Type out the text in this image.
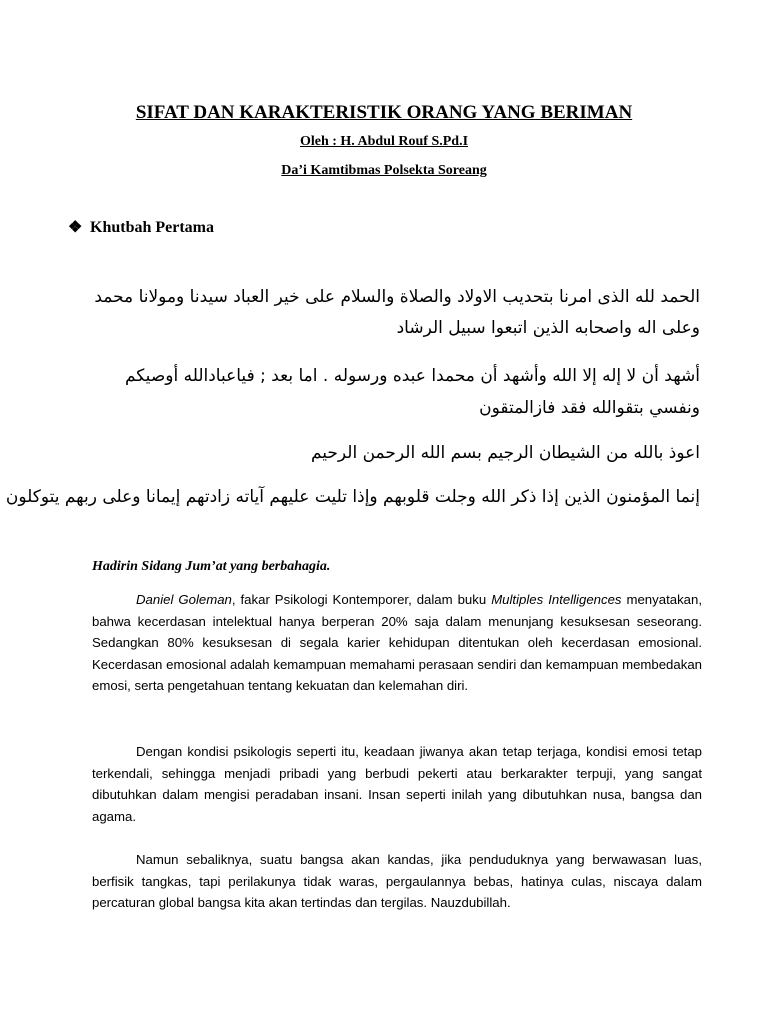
SIFAT DAN KARAKTERISTIK ORANG YANG BERIMAN
Oleh : H. Abdul Rouf S.Pd.I
Da’i Kamtibmas Polsekta Soreang
❖ Khutbah Pertama
الحمد لله الذى امرنا بتحديب الاولاد والصلاة والسلام على خير العباد سيدنا ومولانا محمد
وعلى اله واصحابه الذين اتبعوا سبيل الرشاد
أشهد أن لا إله إلا الله وأشهد أن محمدا عبده ورسوله . اما بعد ; فياعبادالله أوصيكم
ونفسي بتقوالله فقد فازالمتقون
اعوذ بالله من الشيطان الرجيم بسم الله الرحمن الرحيم
إنما المؤمنون الذين إذا ذكر الله وجلت قلوبهم وإذا تليت عليهم آياته زادتهم إيمانا وعلى ربهم يتوكلون
Hadirin Sidang Jum’at yang berbahagia.
Daniel Goleman, fakar Psikologi Kontemporer, dalam buku Multiples Intelligences menyatakan, bahwa kecerdasan intelektual hanya berperan 20% saja dalam menunjang kesuksesan seseorang. Sedangkan 80% kesuksesan di segala karier kehidupan ditentukan oleh kecerdasan emosional. Kecerdasan emosional adalah kemampuan memahami perasaan sendiri dan kemampuan membedakan emosi, serta pengetahuan tentang kekuatan dan kelemahan diri.
Dengan kondisi psikologis seperti itu, keadaan jiwanya akan tetap terjaga, kondisi emosi tetap terkendali, sehingga menjadi pribadi yang berbudi pekerti atau berkarakter terpuji, yang sangat dibutuhkan dalam mengisi peradaban insani. Insan seperti inilah yang dibutuhkan nusa, bangsa dan agama.
Namun sebaliknya, suatu bangsa akan kandas, jika penduduknya yang berwawasan luas, berfisik tangkas, tapi perilakunya tidak waras, pergaulannya bebas, hatinya culas, niscaya dalam percaturan global bangsa kita akan tertindas dan tergilas. Nauzdubillah.
